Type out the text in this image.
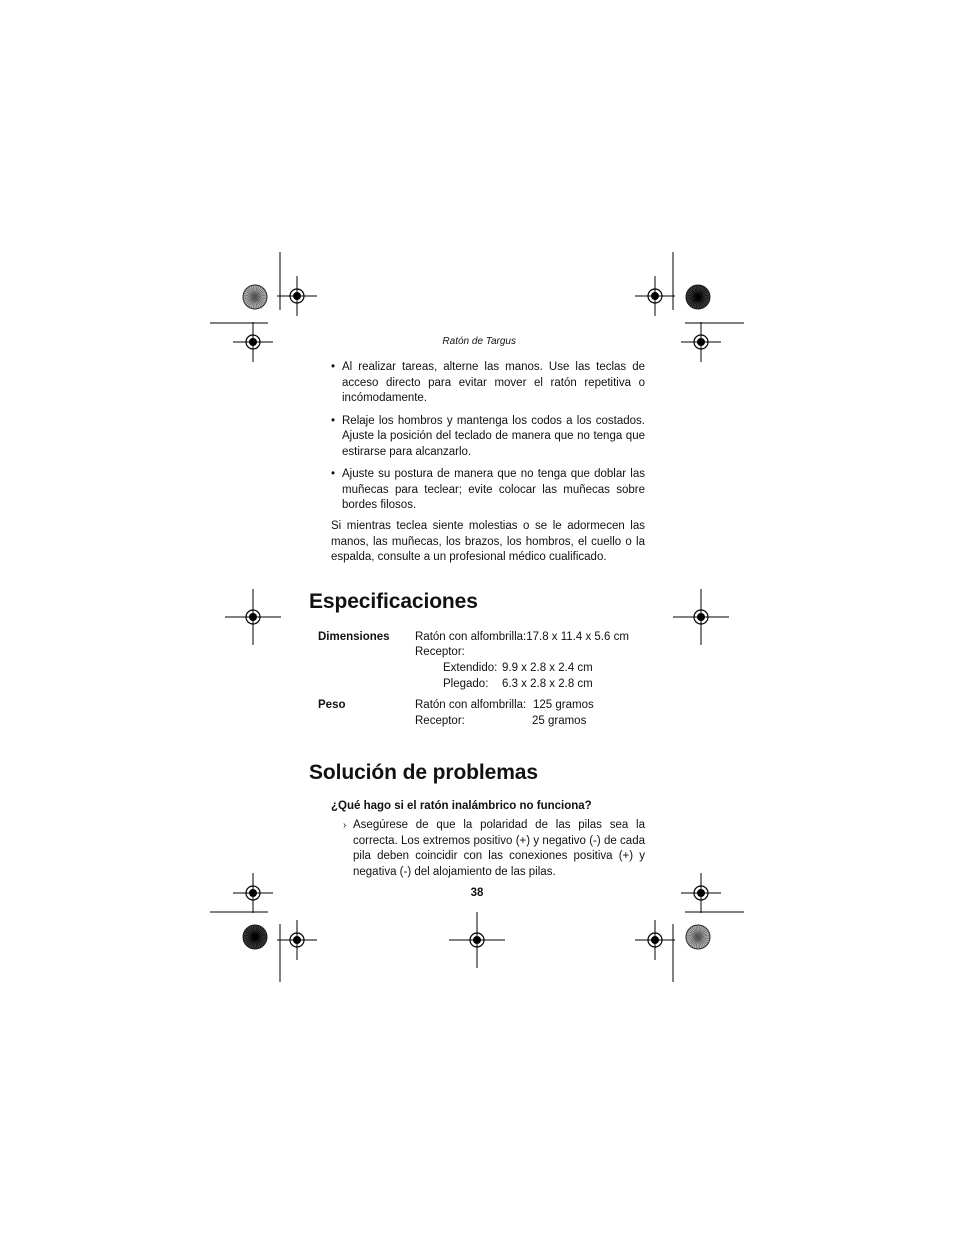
Ratón de Targus
• Al realizar tareas, alterne las manos. Use las teclas de acceso directo para evitar mover el ratón repetitiva o incómodamente.
• Relaje los hombros y mantenga los codos a los costados. Ajuste la posición del teclado de manera que no tenga que estirarse para alcanzarlo.
• Ajuste su postura de manera que no tenga que doblar las muñecas para teclear; evite colocar las muñecas sobre bordes filosos.

Si mientras teclea siente molestias o se le adormecen las manos, las muñecas, los brazos, los hombros, el cuello o la espalda, consulte a un profesional médico cualificado.

Especificaciones
Dimensiones Ratón con alfombrilla:17.8 x 11.4 x 5.6 cm
Receptor:
Extendido: 9.9 x 2.8 x 2.4 cm
Plegado: 6.3 x 2.8 x 2.8 cm
Peso	Ratón con alfombrilla: 125 gramos
Receptor:	25 gramos
Solución de problemas
¿Qué hago si el ratón inalámbrico no funciona?
› Asegúrese de que la polaridad de las pilas sea la correcta. Los extremos positivo (+) y negativo (-) de cada pila deben coincidir con las conexiones positiva (+) y negativa (-) del alojamiento de las pilas.
38
